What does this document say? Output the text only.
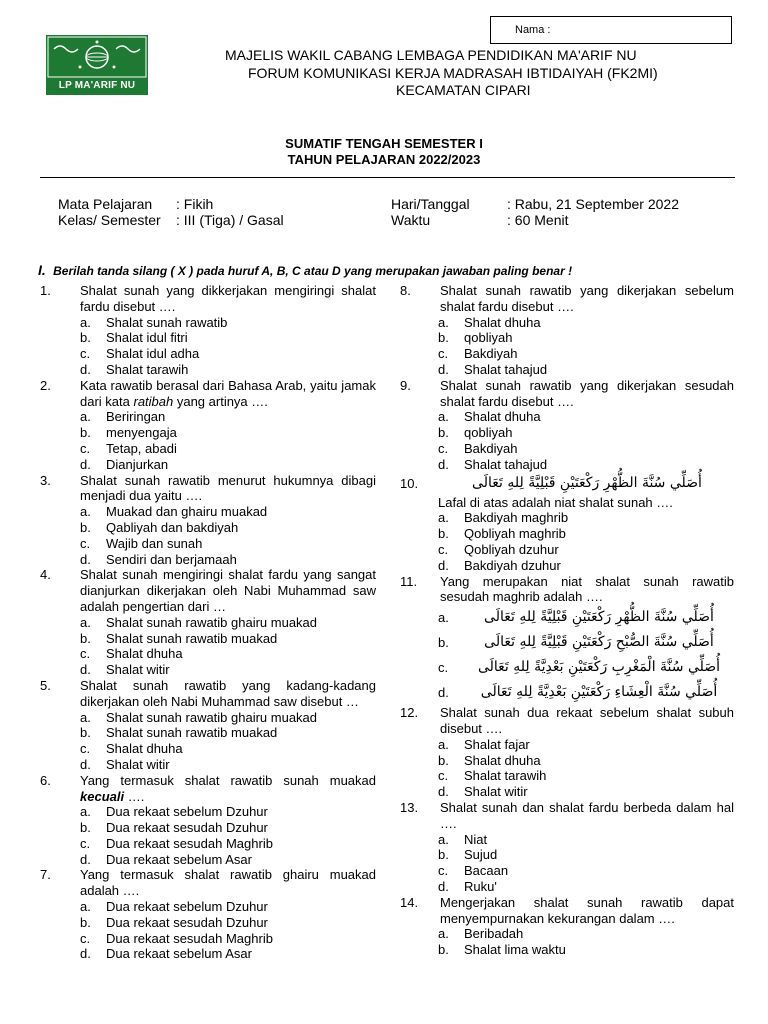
Nama :
LP MA'ARIF NU
MAJELIS WAKIL CABANG LEMBAGA PENDIDIKAN MA'ARIF NU
FORUM KOMUNIKASI KERJA MADRASAH IBTIDAIYAH (FK2MI)
KECAMATAN CIPARI
SUMATIF TENGAH SEMESTER I
TAHUN PELAJARAN 2022/2023
Mata Pelajaran : Fikih
Kelas/ Semester : III (Tiga) / Gasal
Hari/Tanggal	: Rabu, 21 September 2022
Waktu	: 60 Menit
I. Berilah tanda silang ( X ) pada huruf A, B, C atau D yang merupakan jawaban paling benar !
1.	Shalat sunah yang dikkerjakan mengiringi shalat fardu disebut ….
a.	Shalat sunah rawatib
b.	Shalat idul fitri
c.	Shalat idul adha
d.	Shalat tarawih
2.	Kata rawatib berasal dari Bahasa Arab, yaitu jamak dari kata ratibah yang artinya ….
a.	Beriringan
b.	menyengaja
c.	Tetap, abadi
d.	Dianjurkan
3.	Shalat sunah rawatib menurut hukumnya dibagi menjadi dua yaitu ….
a.	Muakad dan ghairu muakad
b.	Qabliyah dan bakdiyah
c.	Wajib dan sunah
d.	Sendiri dan berjamaah
4.	Shalat sunah mengiringi shalat fardu yang sangat dianjurkan dikerjakan oleh Nabi Muhammad saw adalah pengertian dari …
a.	Shalat sunah rawatib ghairu muakad
b.	Shalat sunah rawatib muakad
c.	Shalat dhuha
d.	Shalat witir
5.	Shalat sunah rawatib yang kadang-kadang dikerjakan oleh Nabi Muhammad saw disebut …
a.	Shalat sunah rawatib ghairu muakad
b.	Shalat sunah rawatib muakad
c.	Shalat dhuha
d.	Shalat witir
6.	Yang termasuk shalat rawatib sunah muakad kecuali ….
a.	Dua rekaat sebelum Dzuhur
b.	Dua rekaat sesudah Dzuhur
c.	Dua rekaat sesudah Maghrib
d.	Dua rekaat sebelum Asar
7.	Yang termasuk shalat rawatib ghairu muakad adalah ….
a.	Dua rekaat sebelum Dzuhur
b.	Dua rekaat sesudah Dzuhur
c.	Dua rekaat sesudah Maghrib
d.	Dua rekaat sebelum Asar
8.	Shalat sunah rawatib yang dikerjakan sebelum shalat fardu disebut ….
a.	Shalat dhuha
b.	qobliyah
c.	Bakdiyah
d.	Shalat tahajud
9.	Shalat sunah rawatib yang dikerjakan sesudah shalat fardu disebut ….
a.	Shalat dhuha
b.	qobliyah
c.	Bakdiyah
d.	Shalat tahajud
10.	أُصَلِّي سُنَّةَ الظُّهْرِ رَكْعَتَيْنِ قَبْلِيَّةً لِلهِ تَعَالَى
Lafal di atas adalah niat shalat sunah ….
a.	Bakdiyah maghrib
b.	Qobliyah maghrib
c.	Qobliyah dzuhur
d.	Bakdiyah dzuhur
11.	Yang merupakan niat shalat sunah rawatib sesudah maghrib adalah ….
a.	أُصَلِّي سُنَّةَ الظُّهْرِ رَكْعَتَيْنِ قَبْلِيَّةً لِلهِ تَعَالَى
b.	أُصَلِّي سُنَّةَ الصُّبْحِ رَكْعَتَيْنِ قَبْلِيَّةً لِلهِ تَعَالَى
c.	أُصَلِّي سُنَّةَ الْمَغْرِبِ رَكْعَتَيْنِ بَعْدِيَّةً لِلهِ تَعَالَى
d.	أُصَلِّي سُنَّةَ الْعِشَاءِ رَكْعَتَيْنِ بَعْدِيَّةً لِلهِ تَعَالَى
12.	Shalat sunah dua rekaat sebelum shalat subuh disebut ….
a.	Shalat fajar
b.	Shalat dhuha
c.	Shalat tarawih
d.	Shalat witir
13.	Shalat sunah dan shalat fardu berbeda dalam hal ….
a.	Niat
b.	Sujud
c.	Bacaan
d.	Ruku'
14.	Mengerjakan shalat sunah rawatib dapat menyempurnakan kekurangan dalam ….
a.	Beribadah
b.	Shalat lima waktu
